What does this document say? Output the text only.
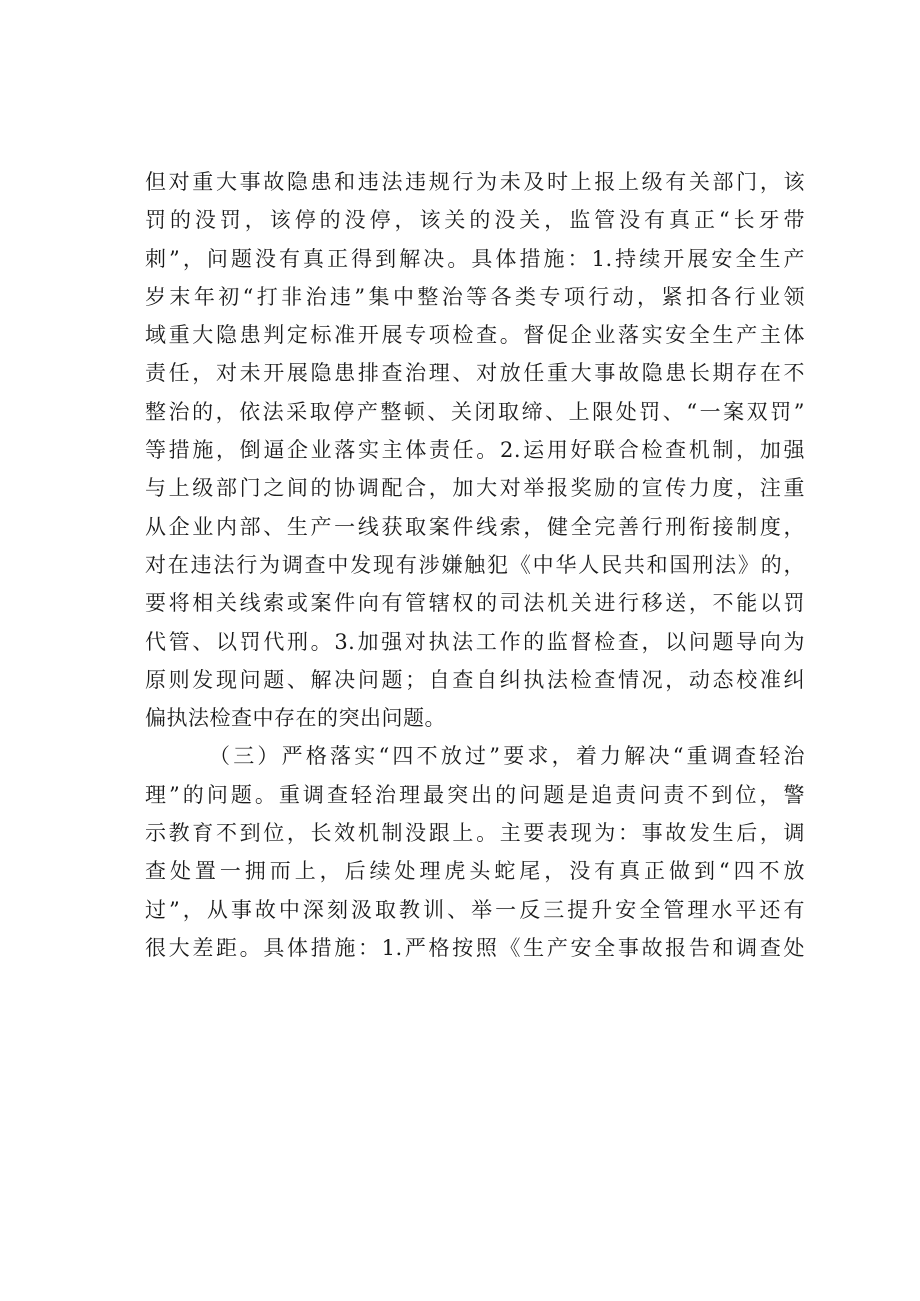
但对重大事故隐患和违法违规行为未及时上报上级有关部门，该
罚的没罚，该停的没停，该关的没关，监管没有真正“长牙带
刺”，问题没有真正得到解决。具体措施：1.持续开展安全生产
岁末年初“打非治违”集中整治等各类专项行动，紧扣各行业领
域重大隐患判定标准开展专项检查。督促企业落实安全生产主体
责任，对未开展隐患排查治理、对放任重大事故隐患长期存在不
整治的，依法采取停产整顿、关闭取缔、上限处罚、“一案双罚”
等措施，倒逼企业落实主体责任。2.运用好联合检查机制，加强
与上级部门之间的协调配合，加大对举报奖励的宣传力度，注重
从企业内部、生产一线获取案件线索，健全完善行刑衔接制度，
对在违法行为调查中发现有涉嫌触犯《中华人民共和国刑法》的，
要将相关线索或案件向有管辖权的司法机关进行移送，不能以罚
代管、以罚代刑。3.加强对执法工作的监督检查，以问题导向为
原则发现问题、解决问题；自查自纠执法检查情况，动态校准纠
偏执法检查中存在的突出问题。
（三）严格落实“四不放过”要求，着力解决“重调查轻治
理”的问题。重调查轻治理最突出的问题是追责问责不到位，警
示教育不到位，长效机制没跟上。主要表现为：事故发生后，调
查处置一拥而上，后续处理虎头蛇尾，没有真正做到“四不放
过”，从事故中深刻汲取教训、举一反三提升安全管理水平还有
很大差距。具体措施：1.严格按照《生产安全事故报告和调查处
